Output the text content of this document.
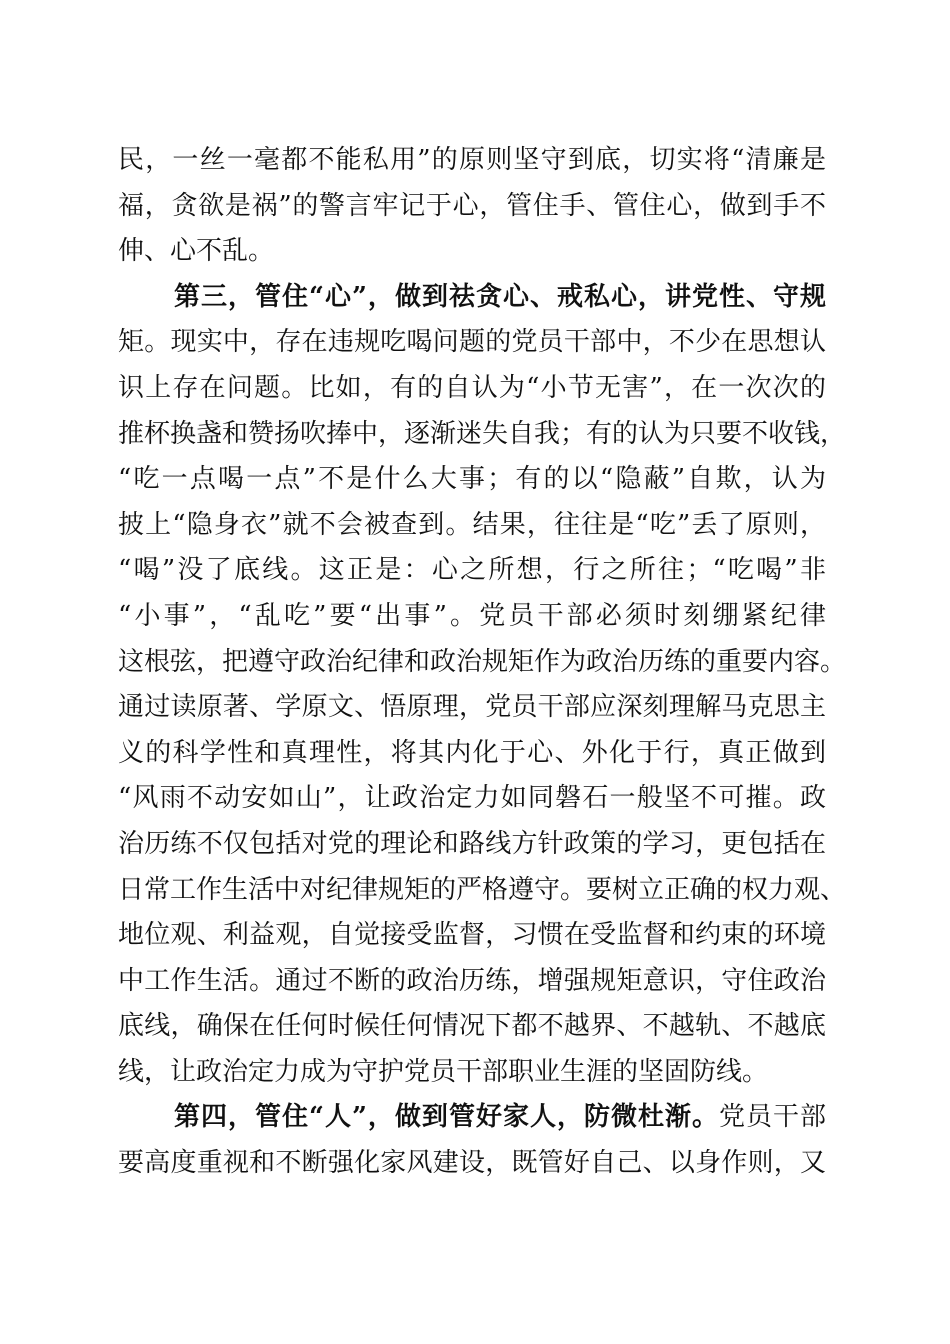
民，一丝一毫都不能私用”的原则坚守到底，切实将“清廉是
福，贪欲是祸”的警言牢记于心，管住手、管住心，做到手不
伸、心不乱。
第三，管住“心”，做到祛贪心、戒私心，讲党性、守规
矩。现实中，存在违规吃喝问题的党员干部中，不少在思想认
识上存在问题。比如，有的自认为“小节无害”，在一次次的
推杯换盏和赞扬吹捧中，逐渐迷失自我；有的认为只要不收钱，
“吃一点喝一点”不是什么大事；有的以“隐蔽”自欺，认为
披上“隐身衣”就不会被查到。结果，往往是“吃”丢了原则，
“喝”没了底线。这正是：心之所想，行之所往；“吃喝”非
“小事”，“乱吃”要“出事”。党员干部必须时刻绷紧纪律
这根弦，把遵守政治纪律和政治规矩作为政治历练的重要内容。
通过读原著、学原文、悟原理，党员干部应深刻理解马克思主
义的科学性和真理性，将其内化于心、外化于行，真正做到
“风雨不动安如山”，让政治定力如同磐石一般坚不可摧。政
治历练不仅包括对党的理论和路线方针政策的学习，更包括在
日常工作生活中对纪律规矩的严格遵守。要树立正确的权力观、
地位观、利益观，自觉接受监督，习惯在受监督和约束的环境
中工作生活。通过不断的政治历练，增强规矩意识，守住政治
底线，确保在任何时候任何情况下都不越界、不越轨、不越底
线，让政治定力成为守护党员干部职业生涯的坚固防线。
第四，管住“人”，做到管好家人，防微杜渐。党员干部
要高度重视和不断强化家风建设，既管好自己、以身作则，又
